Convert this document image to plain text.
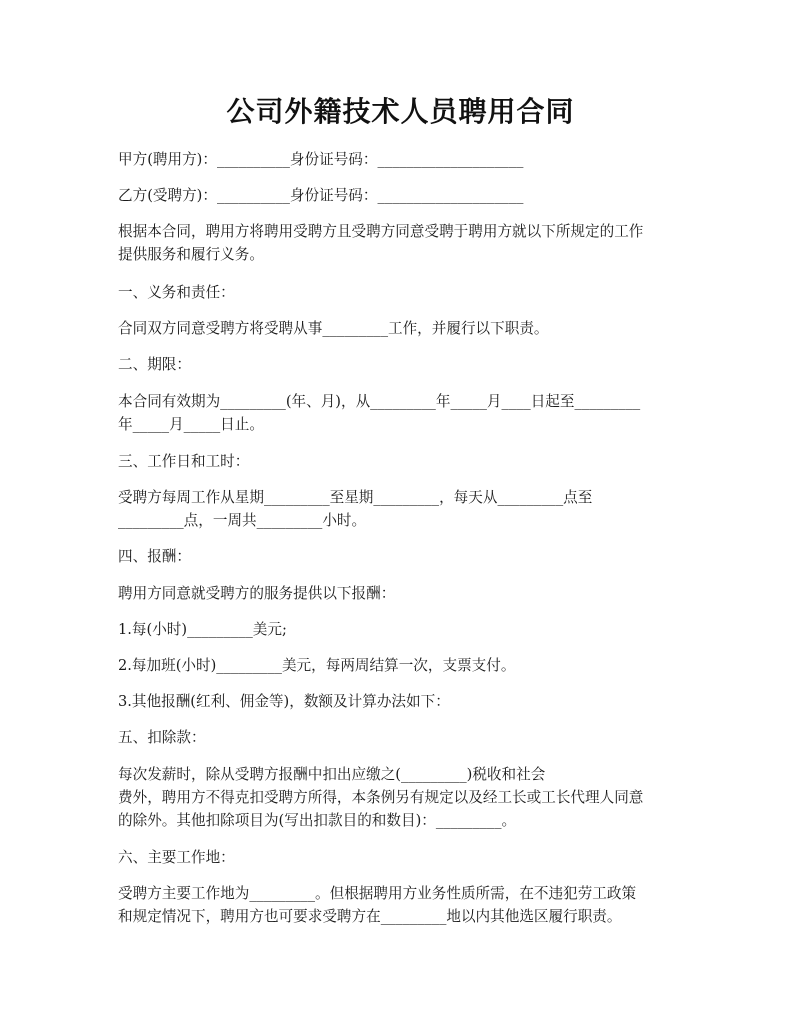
公司外籍技术人员聘用合同
甲方(聘用方)：__________身份证号码：____________________
乙方(受聘方)：__________身份证号码：____________________
根据本合同，聘用方将聘用受聘方且受聘方同意受聘于聘用方就以下所规定的工作
提供服务和履行义务。
一、义务和责任：
合同双方同意受聘方将受聘从事_________工作，并履行以下职责。
二、期限：
本合同有效期为_________(年、月)，从_________年_____月____日起至_________
年_____月_____日止。
三、工作日和工时：
受聘方每周工作从星期_________至星期_________，每天从_________点至
_________点，一周共_________小时。
四、报酬：
聘用方同意就受聘方的服务提供以下报酬：
1.每(小时)_________美元;
2.每加班(小时)_________美元，每两周结算一次，支票支付。
3.其他报酬(红利、佣金等)，数额及计算办法如下：
五、扣除款：
每次发薪时，除从受聘方报酬中扣出应缴之(_________)税收和社会
费外，聘用方不得克扣受聘方所得，本条例另有规定以及经工长或工长代理人同意
的除外。其他扣除项目为(写出扣款目的和数目)：_________。
六、主要工作地：
受聘方主要工作地为_________。但根据聘用方业务性质所需，在不违犯劳工政策
和规定情况下，聘用方也可要求受聘方在_________地以内其他选区履行职责。
